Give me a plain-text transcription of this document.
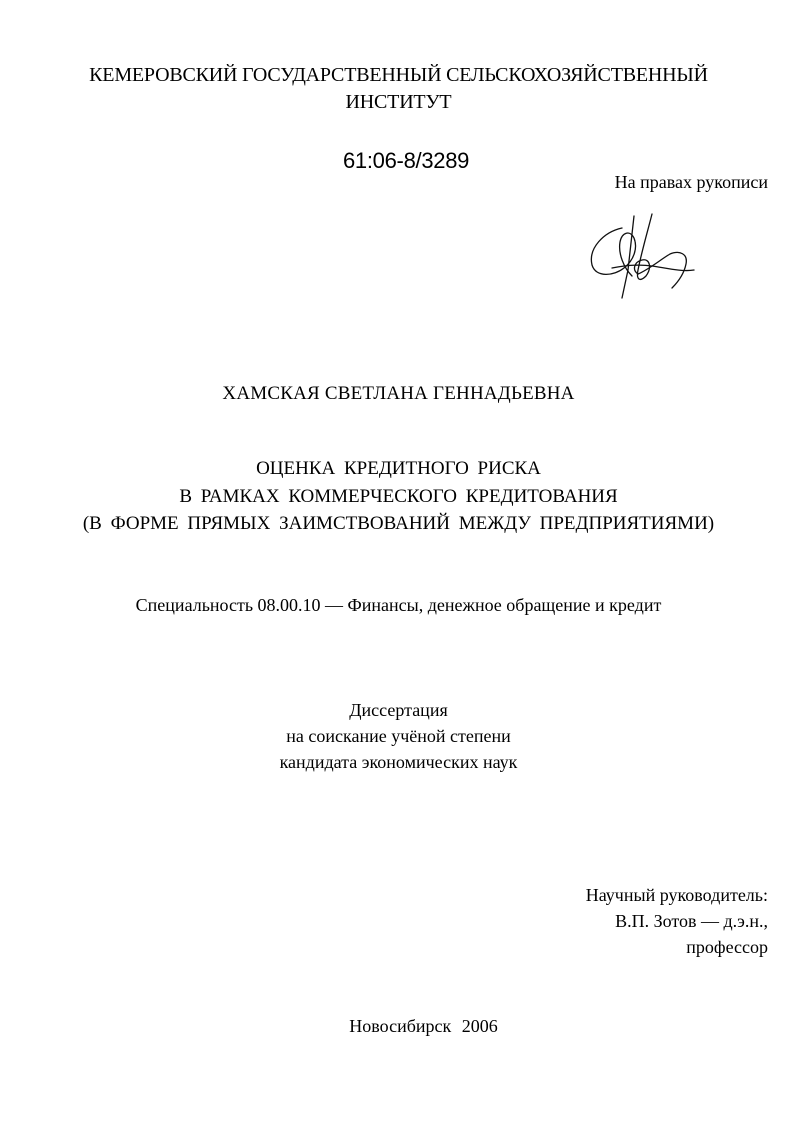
КЕМЕРОВСКИЙ ГОСУДАРСТВЕННЫЙ СЕЛЬСКОХОЗЯЙСТВЕННЫЙ
ИНСТИТУТ
61:06-8/3289
На правах рукописи
ХАМСКАЯ СВЕТЛАНА ГЕННАДЬЕВНА
ОЦЕНКА КРЕДИТНОГО РИСКА
В РАМКАХ КОММЕРЧЕСКОГО КРЕДИТОВАНИЯ
(В ФОРМЕ ПРЯМЫХ ЗАИМСТВОВАНИЙ МЕЖДУ ПРЕДПРИЯТИЯМИ)
Специальность 08.00.10 — Финансы, денежное обращение и кредит
Диссертация
на соискание учёной степени
кандидата экономических наук
Научный руководитель:
В.П. Зотов — д.э.н.,
профессор
Новосибирск 2006
